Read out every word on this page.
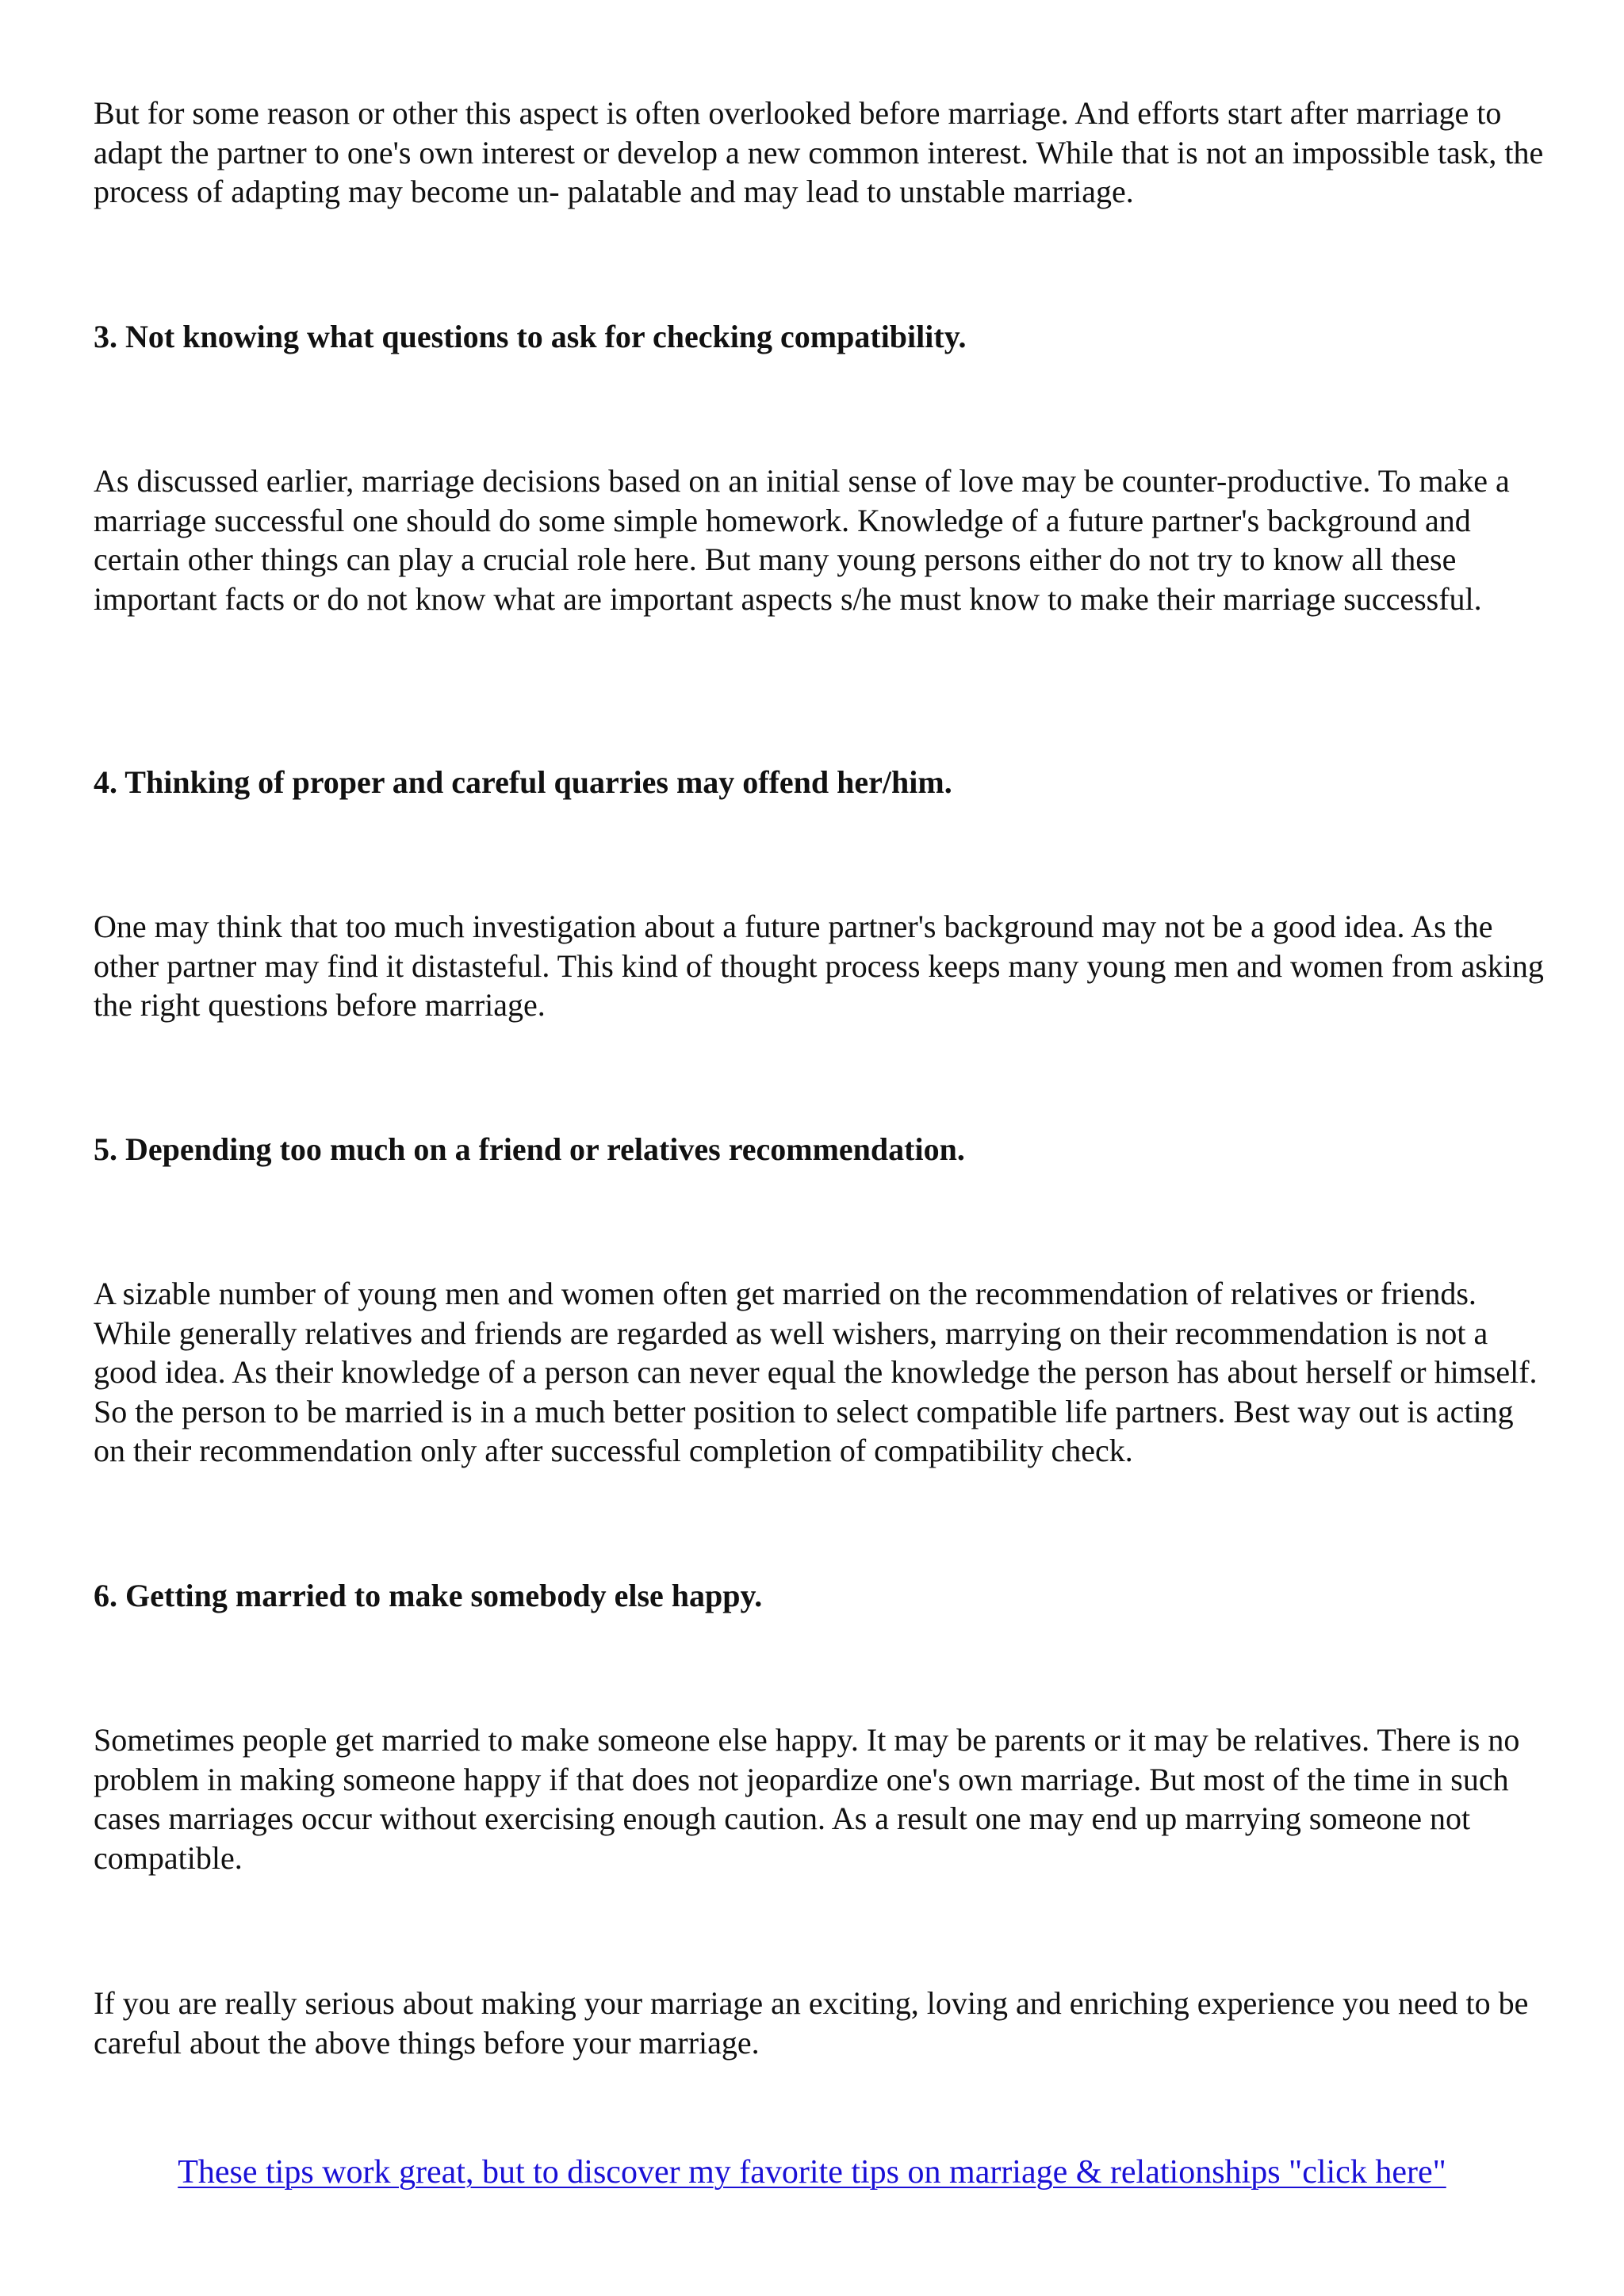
But for some reason or other this aspect is often overlooked before marriage. And efforts start after marriage to adapt the partner to one's own interest or develop a new common interest. While that is not an impossible task, the process of adapting may become un- palatable and may lead to unstable marriage.

3. Not knowing what questions to ask for checking compatibility.

As discussed earlier, marriage decisions based on an initial sense of love may be counter-productive. To make a marriage successful one should do some simple homework. Knowledge of a future partner's background and certain other things can play a crucial role here. But many young persons either do not try to know all these important facts or do not know what are important aspects s/he must know to make their marriage successful.

4. Thinking of proper and careful quarries may offend her/him.

One may think that too much investigation about a future partner's background may not be a good idea. As the other partner may find it distasteful. This kind of thought process keeps many young men and women from asking the right questions before marriage.

5. Depending too much on a friend or relatives recommendation.

A sizable number of young men and women often get married on the recommendation of relatives or friends. While generally relatives and friends are regarded as well wishers, marrying on their recommendation is not a good idea. As their knowledge of a person can never equal the knowledge the person has about herself or himself. So the person to be married is in a much better position to select compatible life partners. Best way out is acting on their recommendation only after successful completion of compatibility check.

6. Getting married to make somebody else happy.

Sometimes people get married to make someone else happy. It may be parents or it may be relatives. There is no problem in making someone happy if that does not jeopardize one's own marriage. But most of the time in such cases marriages occur without exercising enough caution. As a result one may end up marrying someone not compatible.

If you are really serious about making your marriage an exciting, loving and enriching experience you need to be careful about the above things before your marriage.

These tips work great, but to discover my favorite tips on marriage & relationships "click here"
